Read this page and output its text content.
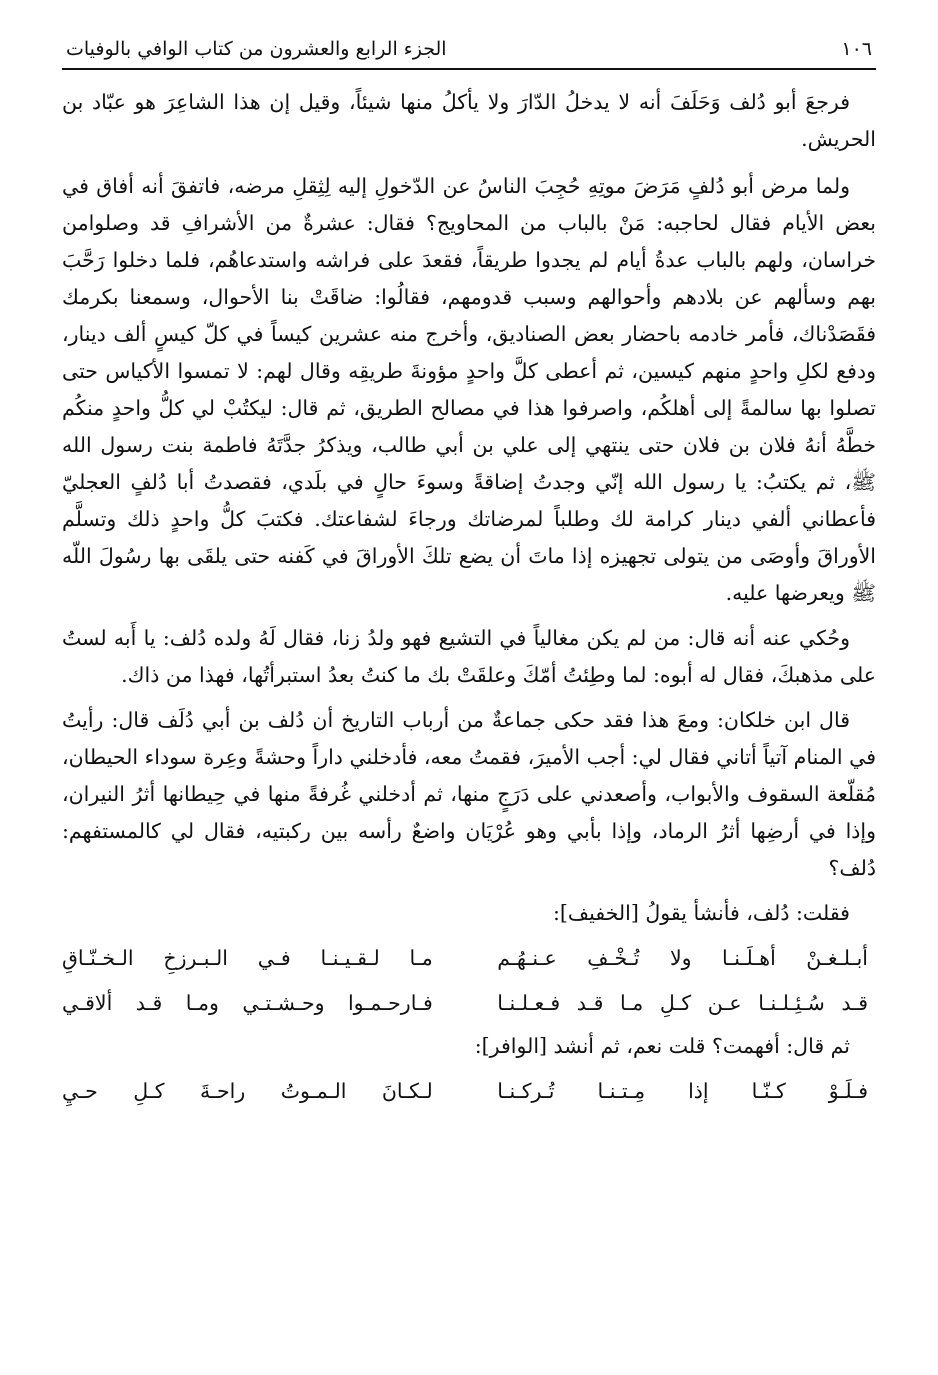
١٠٦
الجزء الرابع والعشرون من كتاب الوافي بالوفيات

فرجعَ أبو دُلف وَحَلَفَ أنه لا يدخلُ الدّارَ ولا يأكلُ منها شيئاً، وقيل إن هذا الشاعِرَ هو عبّاد بن الحريش.

ولما مرض أبو دُلفٍ مَرَضَ موتِهِ حُجِبَ الناسُ عن الدّخولِ إليه لِثِقلِ مرضه، فاتفقَ أنه أفاق في بعض الأيام فقال لحاجبه: مَنْ بالباب من المحاويج؟ فقال: عشرةٌ من الأشرافِ قد وصلوامن خراسان، ولهم بالباب عدةُ أيام لم يجدوا طريقاً، فقعدَ على فراشه واستدعاهُم، فلما دخلوا رَحَّبَ بهم وسألهم عن بلادهم وأحوالهم وسبب قدومهم، فقالُوا: ضاقَتْ بنا الأحوال، وسمعنا بكرمك فقَصَدْناك، فأمر خادمه باحضار بعض الصناديق، وأخرج منه عشرين كيساً في كلّ كيسٍ ألف دينار، ودفع لكلِ واحدٍ منهم كيسين، ثم أعطى كلَّ واحدٍ مؤونةَ طريقِه وقال لهم: لا تمسوا الأكياس حتى تصلوا بها سالمةً إلى أهلكُم، واصرفوا هذا في مصالح الطريق، ثم قال: ليكتُبْ لي كلُّ واحدٍ منكُم خطَّهُ أنهُ فلان بن فلان حتى ينتهي إلى علي بن أبي طالب، ويذكرُ جدَّتَهُ فاطمة بنت رسول الله ﷺ، ثم يكتبُ: يا رسول الله إنّي وجدتُ إضاقةً وسوءَ حالٍ في بلَدي، فقصدتُ أبا دُلفٍ العجليّ فأعطاني ألفي دينار كرامة لك وطلباً لمرضاتك ورجاءَ لشفاعتك. فكتبَ كلُّ واحدٍ ذلك وتسلَّم الأوراقَ وأوصَى من يتولى تجهيزه إذا ماتَ أن يضع تلكَ الأوراقَ في كَفنه حتى يلقَى بها رسُولَ اللّه ﷺ ويعرضها عليه.

وحُكي عنه أنه قال: من لم يكن مغالياً في التشيع فهو ولدُ زنا، فقال لَهُ ولده دُلف: يا أَبه لستُ على مذهبكَ، فقال له أبوه: لما وطِئتُ أمّكَ وعلقَتْ بك ما كنتُ بعدُ استبرأتُها، فهذا من ذاك.

قال ابن خلكان: ومعَ هذا فقد حكى جماعةٌ من أرباب التاريخ أن دُلف بن أبي دُلَف قال: رأيتُ في المنام آتياً أتاني فقال لي: أجب الأميرَ، فقمتُ معه، فأدخلني داراً وحشةً وعِرة سوداء الحيطان، مُقلّعة السقوف والأبواب، وأصعدني على دَرَجٍ منها، ثم أدخلني غُرفةً منها في حِيطانها أثرُ النيران، وإذا في أرضِها أثرُ الرماد، وإذا بأبي وهو عُرْيَان واضعٌ رأسه بين ركبتيه، فقال لي كالمستفهم: دُلف؟

فقلت: دُلف، فأنشأ يقولُ [الخفيف]:
أبـلـغـنْ أهـلَـنـا ولا تُـخْـفِ عـنـهُـم
مـا لـقـيـنـا فـي الـبـرزخِ الـخـنّـاقِ
قـد سُـئِـلـنـا عـن كـلِ مـا قـد فـعـلـنـا
فـارحـمـوا وحـشـتـي ومـا قـد ألاقـي
ثم قال: أفهمت؟ قلت نعم، ثم أنشد [الوافر]:
فـلَـوْ كـنّـا إذا مِـتـنـا تُـركـنـا
لـكـانَ الـمـوتُ راحـةَ كـلِ حـيِ
